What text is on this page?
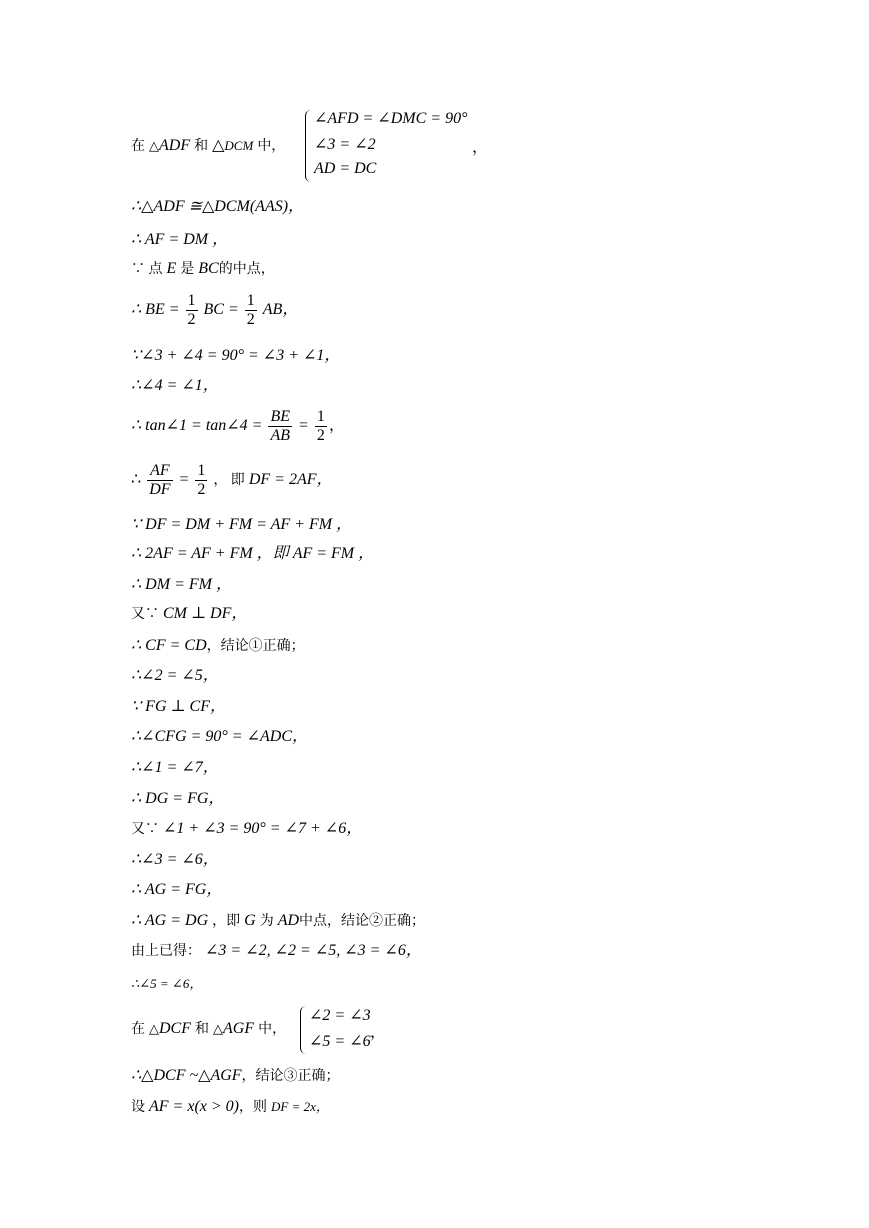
在 △ADF 和 △DCM 中，
∠AFD = ∠DMC = 90°
∠3 = ∠2
AD = DC
，
∴△ADF ≅△DCM(AAS)，
∴ AF = DM ，
∵ 点 E 是 BC的中点，
∴ BE = $\frac{1}{2}$ BC = $\frac{1}{2}$ AB，
∵∠3 + ∠4 = 90° = ∠3 + ∠1，
∴∠4 = ∠1，
∴ tan∠1 = tan∠4 = $\frac{BE}{AB} = \frac{1}{2}$ ，
∴ $\frac{AF}{DF} = \frac{1}{2}$ ， 即 DF = 2AF，
∵ DF = DM + FM = AF + FM ，
∴ 2AF = AF + FM ，即 AF = FM ，
∴ DM = FM ，
又∵ CM ⊥ DF，
∴ CF = CD，结论①正确；
∴∠2 = ∠5，
∵ FG ⊥ CF，
∴∠CFG = 90° = ∠ADC，
∴∠1 = ∠7，
∴ DG = FG，
又∵ ∠1 + ∠3 = 90° = ∠7 + ∠6，
∴∠3 = ∠6，
∴ AG = FG，
∴ AG = DG ，即 G 为 AD中点，结论②正确；
由上已得： ∠3 = ∠2, ∠2 = ∠5, ∠3 = ∠6，
∴∠5 = ∠6，
在 △DCF 和 △AGF 中，
∠2 = ∠3
∠5 = ∠6
，
∴△DCF ~△AGF，结论③正确；
设 AF = x(x > 0)，则 DF = 2x，
